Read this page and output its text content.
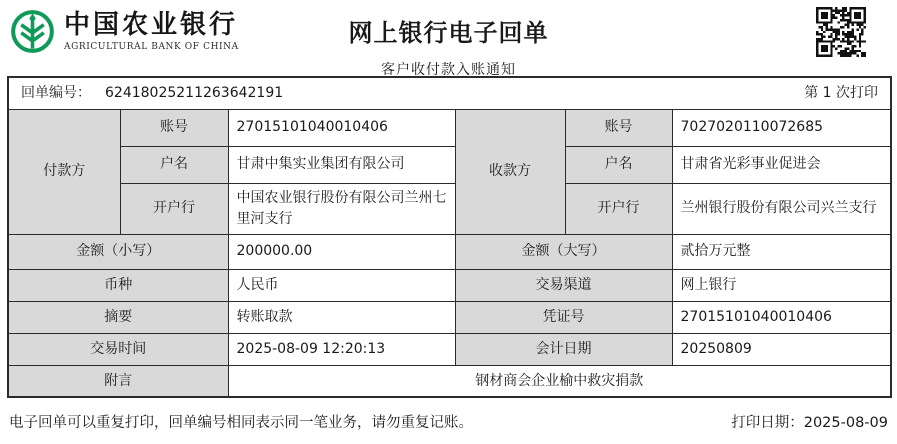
中国农业银行
AGRICULTURAL BANK OF CHINA	网上银行电子回单
客户收付款入账通知
回单编号： 62418025211263642191 第 1 次打印					

付款方	账号	27015101040010406	收款方	账号	7027020110072685
	户名	甘肃中集实业集团有限公司		户名	甘肃省光彩事业促进会
	开户行	中国农业银行股份有限公司兰州七里河支行		开户行	兰州银行股份有限公司兴兰支行
金额（小写）		200000.00	金额（大写）		贰拾万元整
币种		人民币	交易渠道		网上银行
摘要		转账取款	凭证号		27015101040010406
交易时间		2025-08-09 12:20:13	会计日期		20250809
附言		钢材商会企业榆中救灾捐款			
电子回单可以重复打印，回单编号相同表示同一笔业务，请勿重复记账。	打印日期：2025-08-09
